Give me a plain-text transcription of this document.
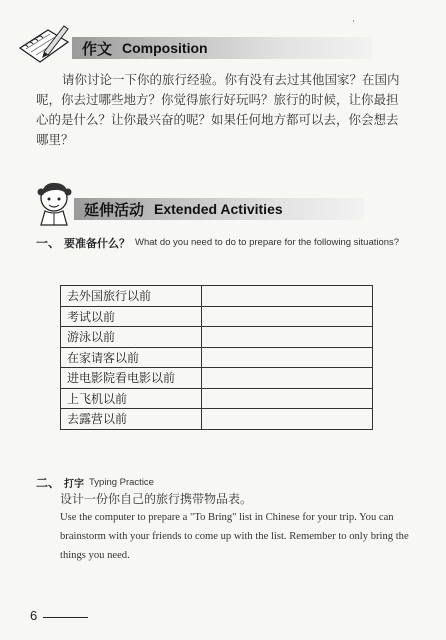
作文 Composition
’
请你讨论一下你的旅行经验。你有没有去过其他国家？在国内呢，你去过哪些地方？你觉得旅行好玩吗？旅行的时候，让你最担心的是什么？让你最兴奋的呢？如果任何地方都可以去，你会想去哪里？
延伸活动 Extended Activities
一、 要准备什么？ What do you need to do to prepare for the following situations?
去外国旅行以前	
考试以前	
游泳以前	
在家请客以前	
进电影院看电影以前	
上飞机以前	
去露营以前	
二、 打字 Typing Practice
设计一份你自己的旅行携带物品表。
Use the computer to prepare a "To Bring" list in Chinese for your trip. You can brainstorm with your friends to come up with the list. Remember to only bring the things you need.
6
